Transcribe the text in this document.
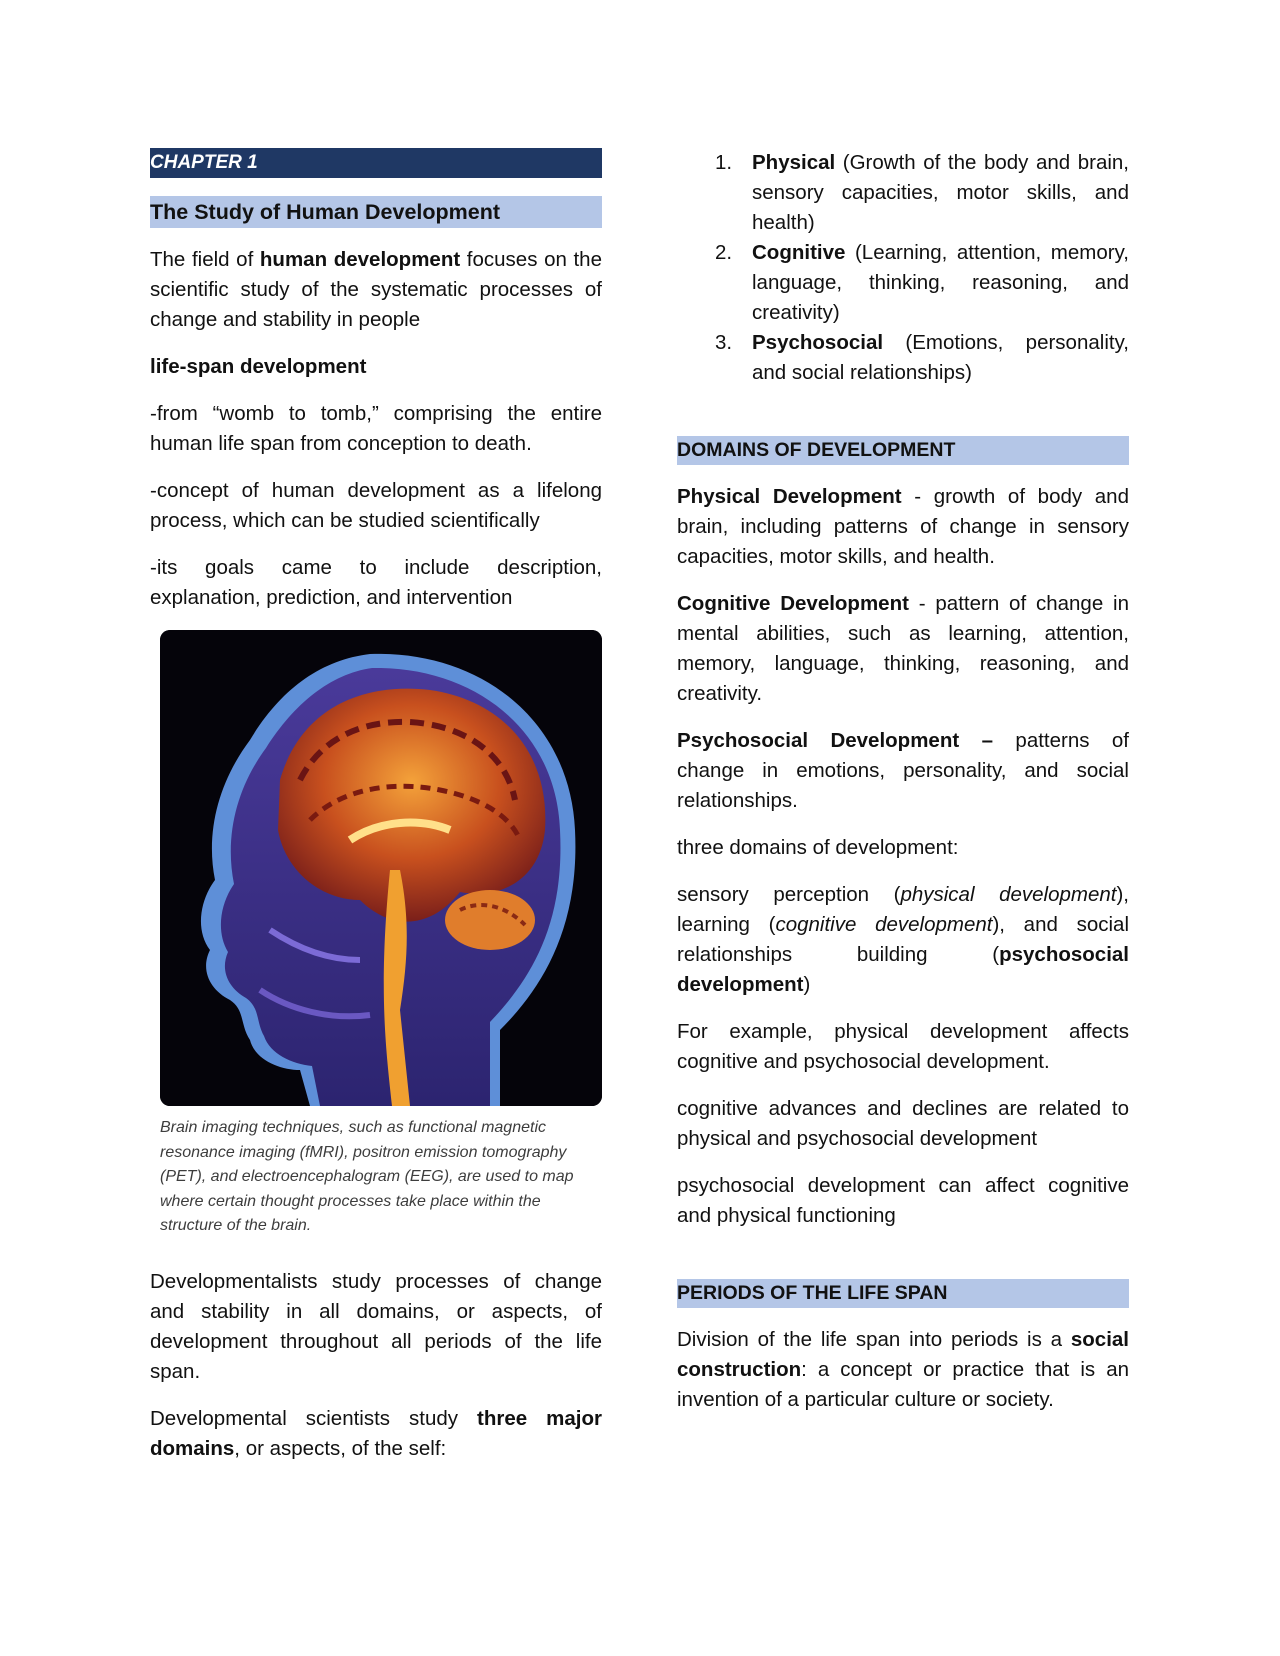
CHAPTER 1
The Study of Human Development

The field of human development focuses on the scientific study of the systematic processes of change and stability in people

life-span development

-from “womb to tomb,” comprising the entire human life span from conception to death.

-concept of human development as a lifelong process, which can be studied scientifically

-its goals came to include description, explanation, prediction, and intervention

Brain imaging techniques, such as functional magnetic resonance imaging (fMRI), positron emission tomography (PET), and electroencephalogram (EEG), are used to map where certain thought processes take place within the structure of the brain.

Developmentalists study processes of change and stability in all domains, or aspects, of development throughout all periods of the life span.

Developmental scientists study three major domains, or aspects, of the self:

1. Physical (Growth of the body and brain, sensory capacities, motor skills, and health)
2. Cognitive (Learning, attention, memory, language, thinking, reasoning, and creativity)
3. Psychosocial (Emotions, personality, and social relationships)
DOMAINS OF DEVELOPMENT

Physical Development - growth of body and brain, including patterns of change in sensory capacities, motor skills, and health.

Cognitive Development - pattern of change in mental abilities, such as learning, attention, memory, language, thinking, reasoning, and creativity.

Psychosocial Development – patterns of change in emotions, personality, and social relationships.

three domains of development:

sensory perception (physical development), learning (cognitive development), and social relationships building (psychosocial development)

For example, physical development affects cognitive and psychosocial development.

cognitive advances and declines are related to physical and psychosocial development

psychosocial development can affect cognitive and physical functioning

PERIODS OF THE LIFE SPAN

Division of the life span into periods is a social construction: a concept or practice that is an invention of a particular culture or society.
